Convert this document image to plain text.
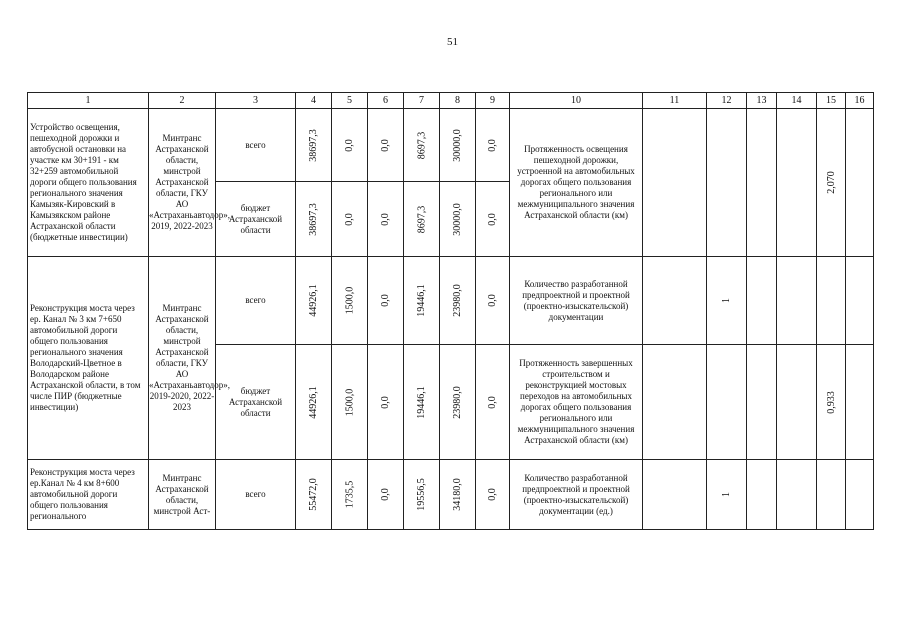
51
1	2	3	4	5	6	7	8	9	10	11	12	13	14	15	16
Устройство освещения, пешеходной дорожки и автобусной остановки на участке км 30+191 - км 32+259 автомобильной дороги общего пользования регионального значения Камызяк-Кировский в Камызякском районе Астраханской области (бюджетные инвестиции)	Минтранс Астраханской области, минстрой Астраханской области, ГКУ АО «Астраханьавтодор», 2019, 2022-2023	всего	38697,3	0,0	0,0	8697,3	30000,0	0,0	Протяженность освещения пешеходной дорожки, устроенной на автомобильных дорогах общего пользования регионального или межмуниципального значения Астраханской области (км)					2,070	
		бюджет Астраханской области	38697,3	0,0	0,0	8697,3	30000,0	0,0							
Реконструкция моста через ер. Канал № 3 км 7+650 автомобильной дороги общего пользования регионального значения Володарский-Цветное в Володарском районе Астраханской области, в том числе ПИР (бюджетные инвестиции)	Минтранс Астраханской области, минстрой Астраханской области, ГКУ АО «Астраханьавтодор», 2019-2020, 2022-2023	всего	44926,1	1500,0	0,0	19446,1	23980,0	0,0	Количество разработанной предпроектной и проектной (проектно-изыскательской) документации		1				
		бюджет Астраханской области	44926,1	1500,0	0,0	19446,1	23980,0	0,0	Протяженность завершенных строительством и реконструкцией мостовых переходов на автомобильных дорогах общего пользования регионального или межмуниципального значения Астраханской области (км)					0,933	
Реконструкция моста через ер.Канал № 4 км 8+600 автомобильной дороги общего пользования регионального	Минтранс Астраханской области, минстрой Аст-	всего	55472,0	1735,5	0,0	19556,5	34180,0	0,0	Количество разработанной предпроектной и проектной (проектно-изыскательской) документации (ед.)		1				
